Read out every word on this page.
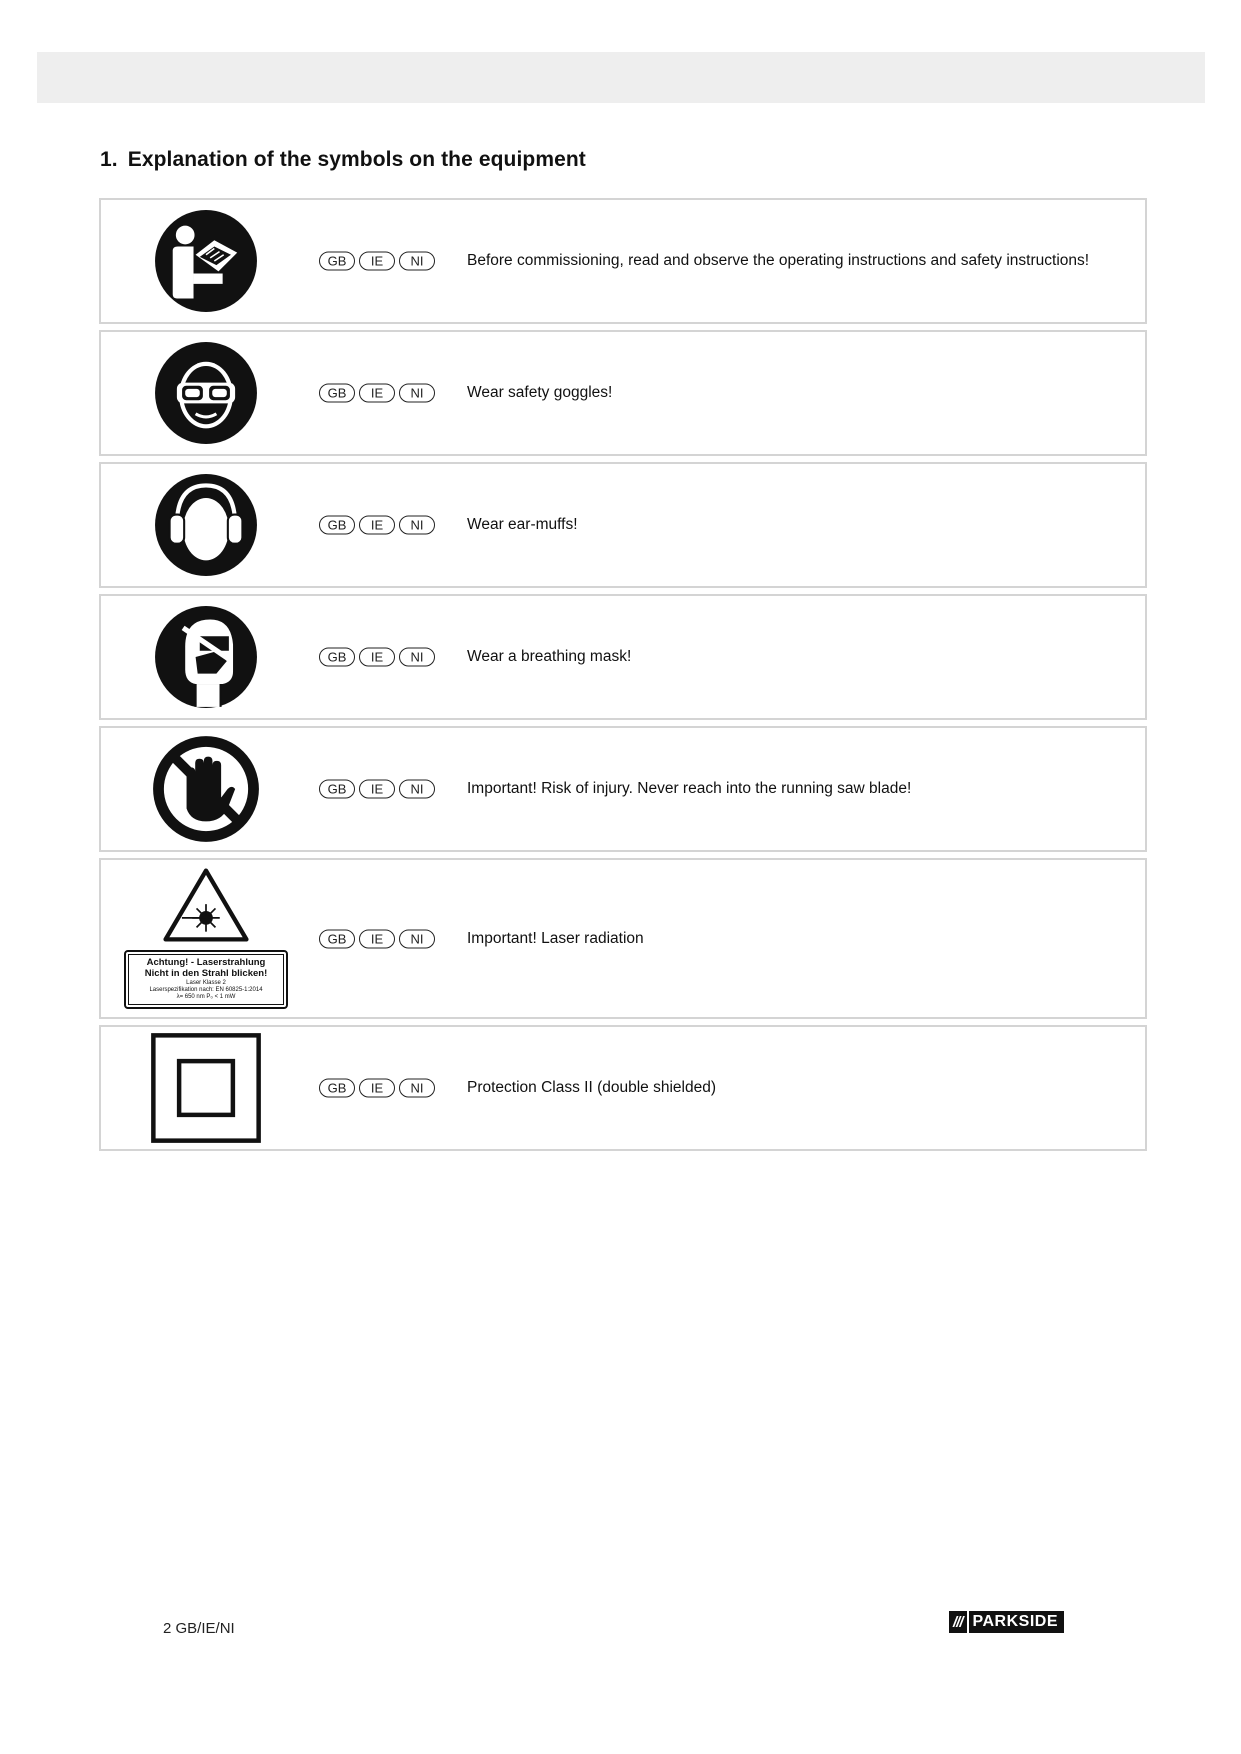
1. Explanation of the symbols on the equipment
GB	IE	NI	Before commissioning, read and observe the operating instructions and safety instructions!
GB	IE	NI	Wear safety goggles!
GB	IE	NI	Wear ear-muffs!
GB	IE	NI	Wear a breathing mask!
GB	IE	NI	Important! Risk of injury. Never reach into the running saw blade!
Achtung! - Laserstrahlung
Nicht in den Strahl blicken!
Laser Klasse 2
Laserspezifikation nach: EN 60825-1:2014
λ= 650 nm P₀ < 1 mW
GB	IE	NI	Important! Laser radiation
GB	IE	NI	Protection Class II (double shielded)
2 GB/IE/NI	/// PARKSIDE
